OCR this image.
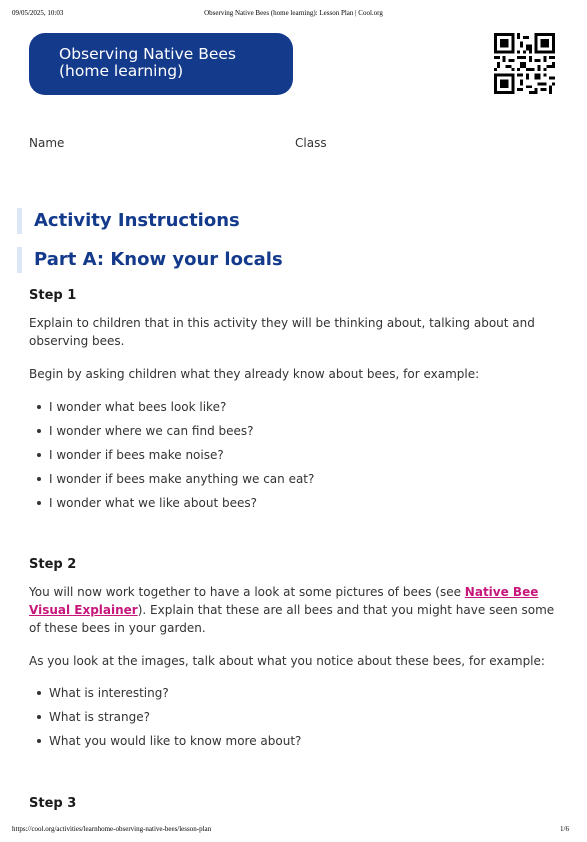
09/05/2025, 10:03	Observing Native Bees (home learning): Lesson Plan | Cool.org
Observing Native Bees
(home learning)
Name	Class
Activity Instructions
Part A: Know your locals
Step 1

Explain to children that in this activity they will be thinking about, talking about and observing bees.

Begin by asking children what they already know about bees, for example:

I wonder what bees look like?
I wonder where we can find bees?
I wonder if bees make noise?
I wonder if bees make anything we can eat?
I wonder what we like about bees?
Step 2

You will now work together to have a look at some pictures of bees (see Native Bee Visual Explainer). Explain that these are all bees and that you might have seen some of these bees in your garden.

As you look at the images, talk about what you notice about these bees, for example:

What is interesting?
What is strange?
What you would like to know more about?
Step 3
https://cool.org/activities/learnhome-observing-native-bees/lesson-plan	1/6
